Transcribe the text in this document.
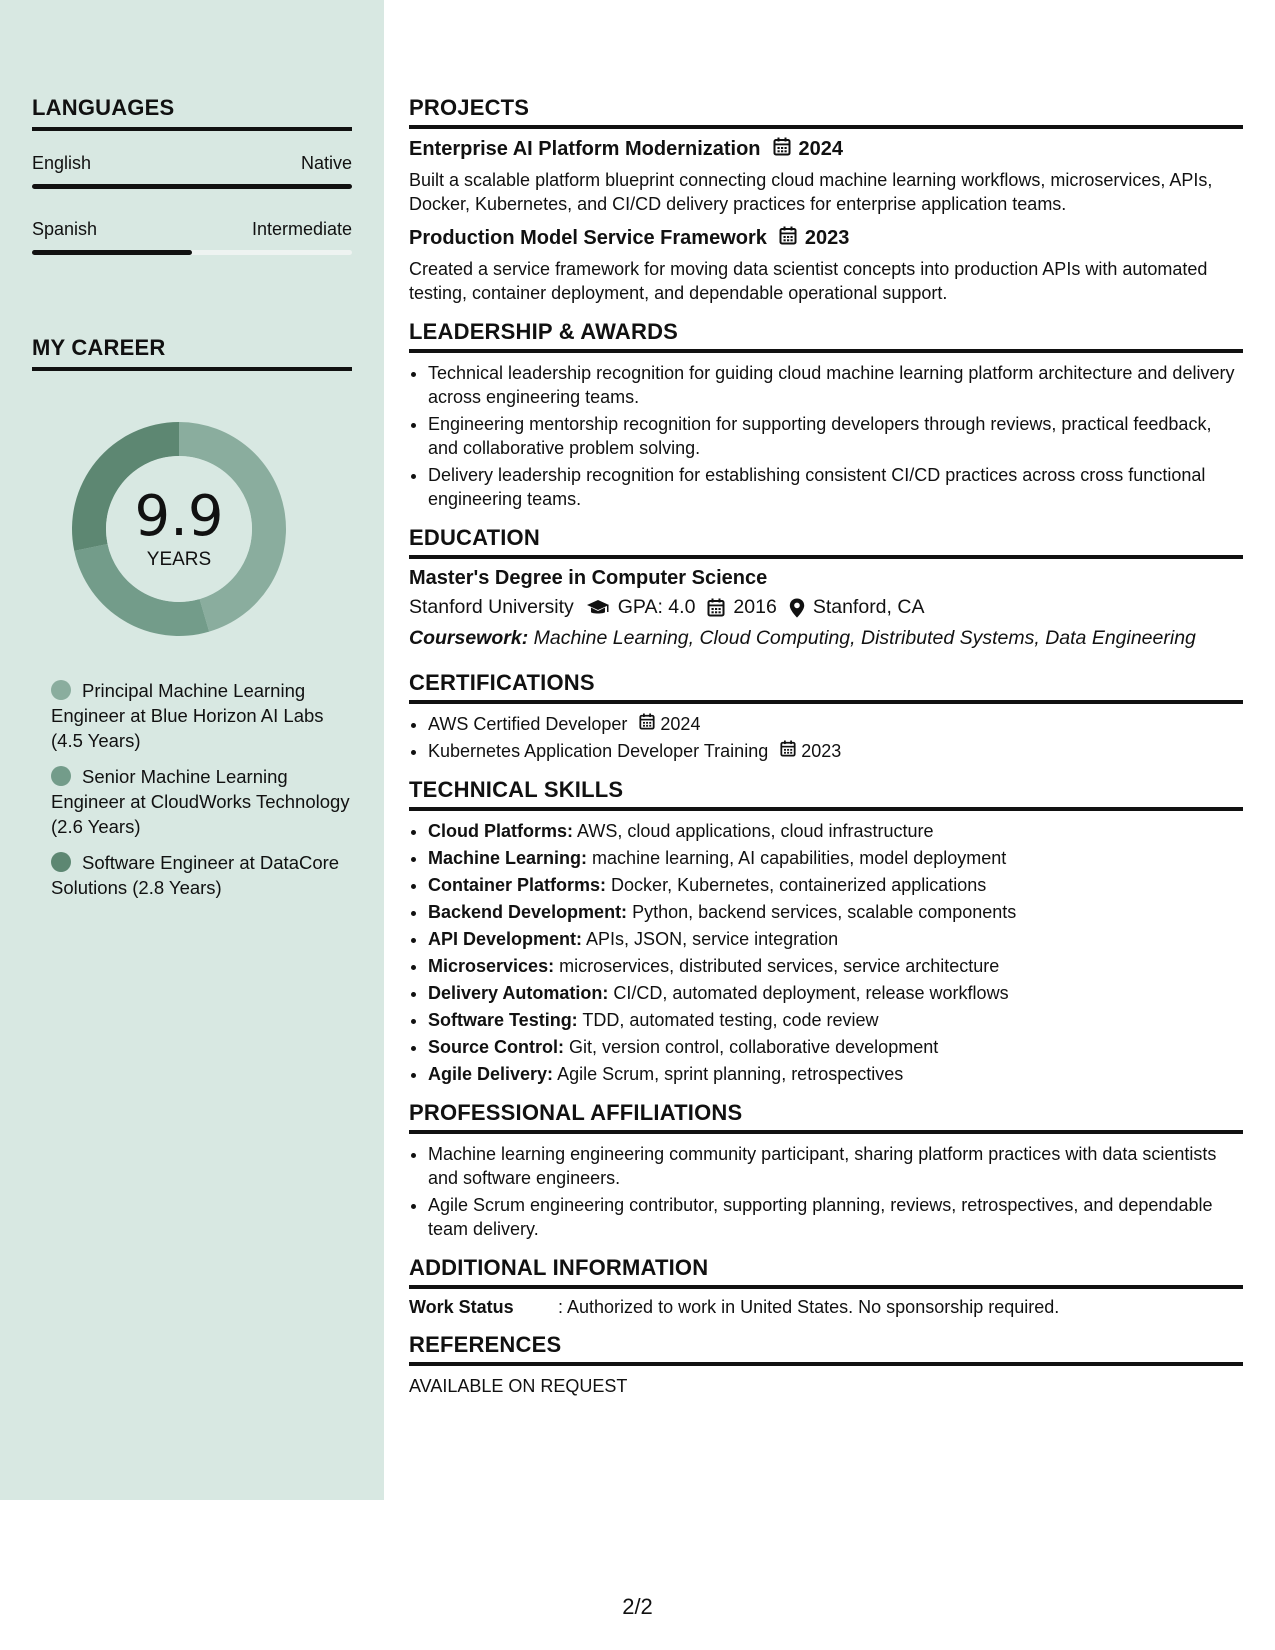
LANGUAGES
English	Native
Spanish	Intermediate
MY CAREER
9.9
YEARS
Principal Machine Learning Engineer at Blue Horizon AI Labs (4.5 Years)
Senior Machine Learning Engineer at CloudWorks Technology (2.6 Years)
Software Engineer at DataCore Solutions (2.8 Years)
PROJECTS
Enterprise AI Platform Modernization 2024
Built a scalable platform blueprint connecting cloud machine learning workflows, microservices, APIs, Docker, Kubernetes, and CI/CD delivery practices for enterprise application teams.
Production Model Service Framework 2023
Created a service framework for moving data scientist concepts into production APIs with automated testing, container deployment, and dependable operational support.
LEADERSHIP & AWARDS
• Technical leadership recognition for guiding cloud machine learning platform architecture and delivery across engineering teams.
• Engineering mentorship recognition for supporting developers through reviews, practical feedback, and collaborative problem solving.
• Delivery leadership recognition for establishing consistent CI/CD practices across cross functional engineering teams.
EDUCATION
Master's Degree in Computer Science
Stanford University GPA: 4.0 2016 Stanford, CA
Coursework: Machine Learning, Cloud Computing, Distributed Systems, Data Engineering
CERTIFICATIONS
• AWS Certified Developer 2024
• Kubernetes Application Developer Training 2023
TECHNICAL SKILLS
• Cloud Platforms: AWS, cloud applications, cloud infrastructure
• Machine Learning: machine learning, AI capabilities, model deployment
• Container Platforms: Docker, Kubernetes, containerized applications
• Backend Development: Python, backend services, scalable components
• API Development: APIs, JSON, service integration
• Microservices: microservices, distributed services, service architecture
• Delivery Automation: CI/CD, automated deployment, release workflows
• Software Testing: TDD, automated testing, code review
• Source Control: Git, version control, collaborative development
• Agile Delivery: Agile Scrum, sprint planning, retrospectives
PROFESSIONAL AFFILIATIONS
• Machine learning engineering community participant, sharing platform practices with data scientists and software engineers.
• Agile Scrum engineering contributor, supporting planning, reviews, retrospectives, and dependable team delivery.
ADDITIONAL INFORMATION
Work Status	: Authorized to work in United States. No sponsorship required.
REFERENCES
AVAILABLE ON REQUEST
2/2
